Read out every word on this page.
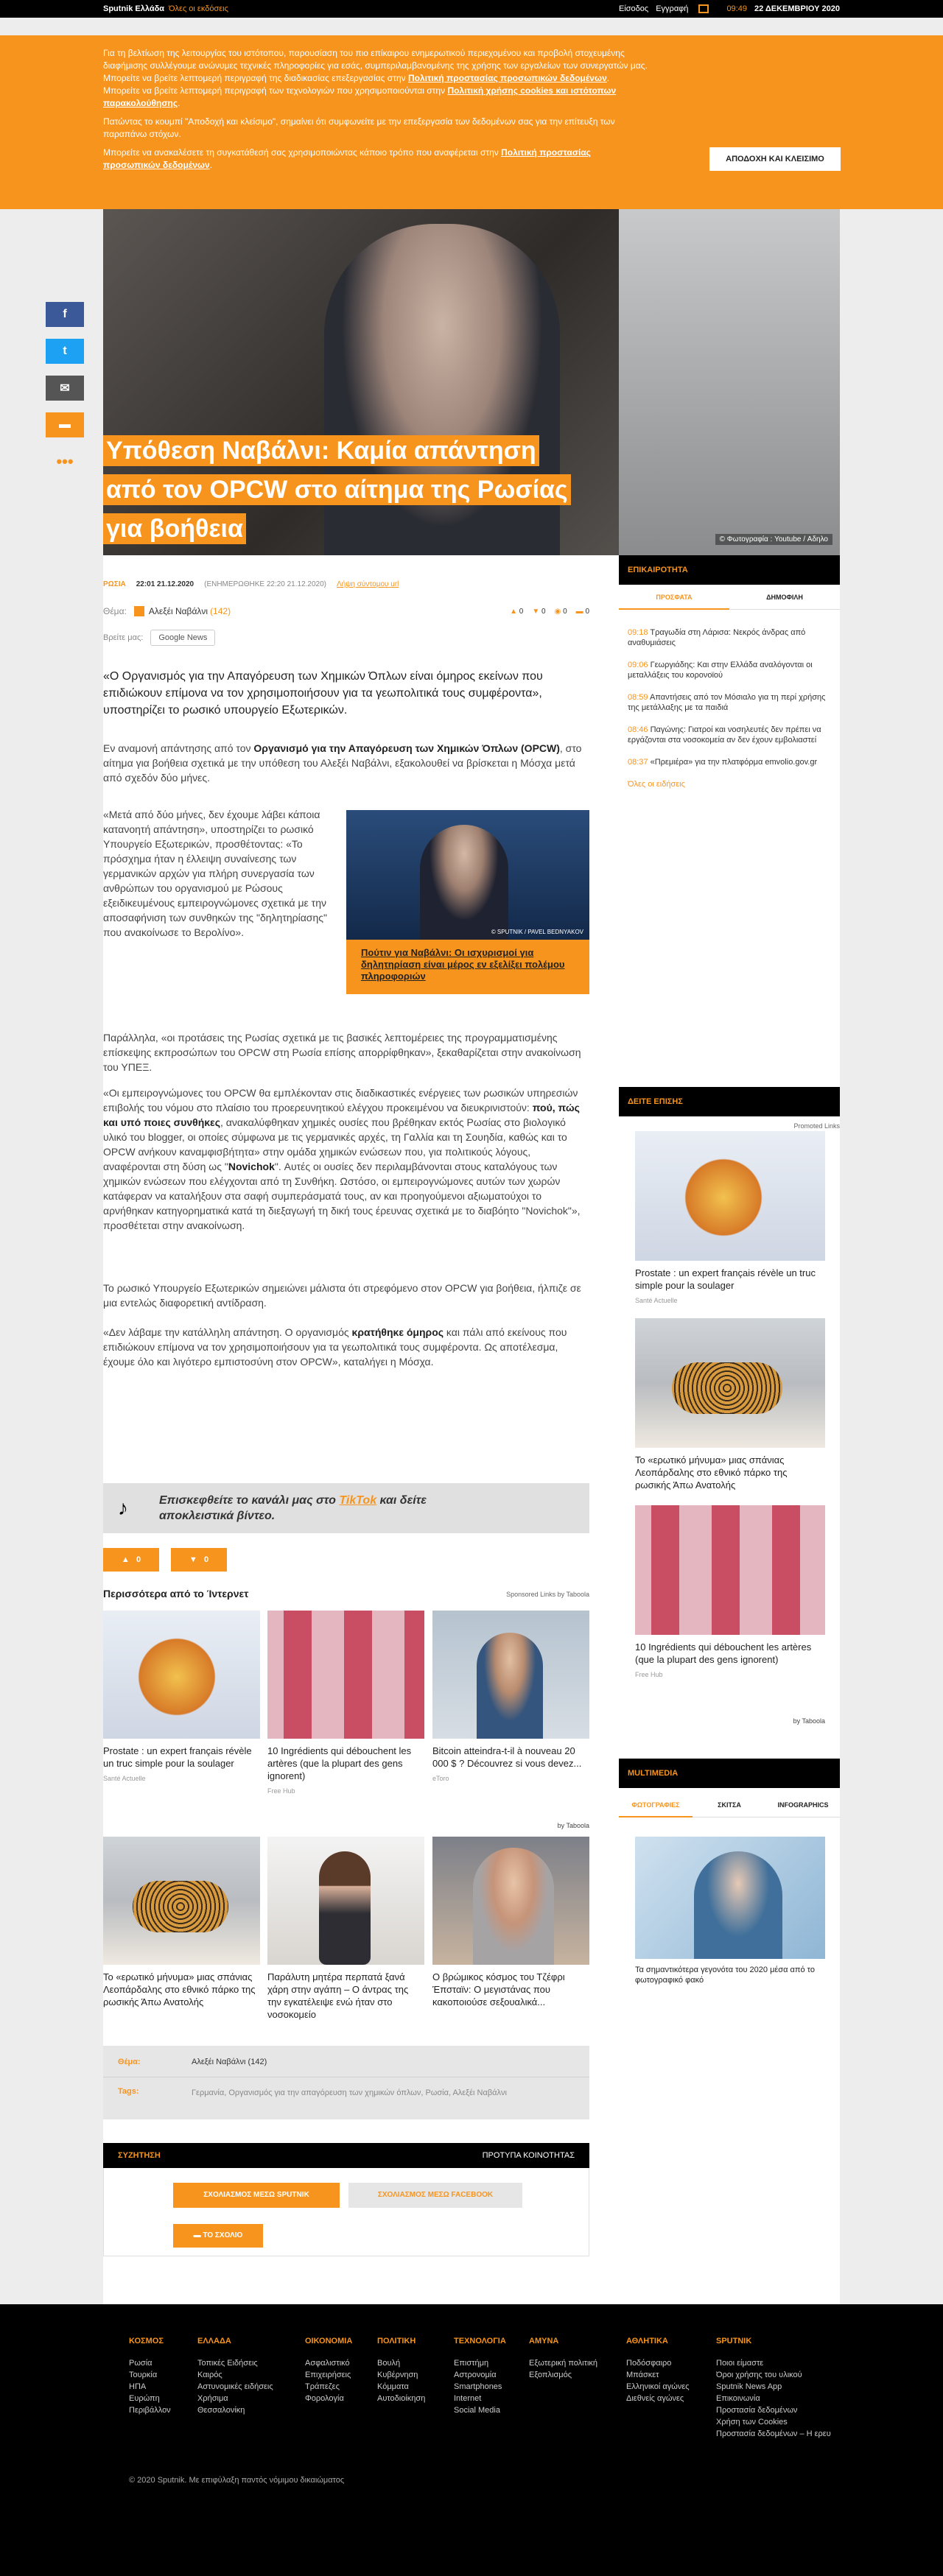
Sputnik Ελλάδα Όλες οι εκδόσεις	Είσοδος Εγγραφή	09:49 22 ΔΕΚΕΜΒΡΙΟΥ 2020

Για τη βελτίωση της λειτουργίας του ιστότοπου, παρουσίαση του πιο επίκαιρου ενημερωτικού περιεχομένου και προβολή στοχευμένης διαφήμισης συλλέγουμε ανώνυμες τεχνικές πληροφορίες για εσάς, συμπεριλαμβανομένης της χρήσης των εργαλείων των συνεργατών μας. Μπορείτε να βρείτε λεπτομερή περιγραφή της διαδικασίας επεξεργασίας στην Πολιτική προστασίας προσωπικών δεδομένων. Μπορείτε να βρείτε λεπτομερή περιγραφή των τεχνολογιών που χρησιμοποιούνται στην Πολιτική χρήσης cookies και ιστότοπων παρακολούθησης.

Πατώντας το κουμπί "Αποδοχή και κλείσιμο", σημαίνει ότι συμφωνείτε με την επεξεργασία των δεδομένων σας για την επίτευξη των παραπάνω στόχων.

Μπορείτε να ανακαλέσετε τη συγκατάθεσή σας χρησιμοποιώντας κάποιο τρόπο που αναφέρεται στην Πολιτική προστασίας προσωπικών δεδομένων.

ΑΠΟΔΟΧΗ ΚΑΙ ΚΛΕΙΣΙΜΟ
f
t
✉
▬
•••
© Φωτογραφία : Youtube / Αδηλο
Υπόθεση Ναβάλνι: Καμία απάντηση από τον OPCW στο αίτημα της Ρωσίας για βοήθεια
ΡΩΣΙΑ 22:01 21.12.2020 (ΕΝΗΜΕΡΩΘΗΚΕ 22:20 21.12.2020) Λήψη σύντομου url
Θέμα:	Αλεξέι Ναβάλνι (142)	▲ 0 ▼ 0 ◉ 0 ▬ 0
Βρείτε μας:	Google News

«Ο Οργανισμός για την Απαγόρευση των Χημικών Όπλων είναι όμηρος εκείνων που επιδιώκουν επίμονα να τον χρησιμοποιήσουν για τα γεωπολιτικά τους συμφέροντα», υποστηρίζει το ρωσικό υπουργείο Εξωτερικών.

Εν αναμονή απάντησης από τον Οργανισμό για την Απαγόρευση των Χημικών Όπλων (OPCW), στο αίτημα για βοήθεια σχετικά με την υπόθεση του Αλεξέι Ναβάλνι, εξακολουθεί να βρίσκεται η Μόσχα μετά από σχεδόν δύο μήνες.

«Μετά από δύο μήνες, δεν έχουμε λάβει κάποια κατανοητή απάντηση», υποστηρίζει το ρωσικό Υπουργείο Εξωτερικών, προσθέτοντας: «Το πρόσχημα ήταν η έλλειψη συναίνεσης των γερμανικών αρχών για πλήρη συνεργασία των ανθρώπων του οργανισμού με Ρώσους εξειδικευμένους εμπειρογνώμονες σχετικά με την αποσαφήνιση των συνθηκών της "δηλητηρίασης" που ανακοίνωσε το Βερολίνο».	© SPUTNIK / PAVEL BEDNYAKOV
Πούτιν για Ναβάλνι: Οι ισχυρισμοί για δηλητηρίαση είναι μέρος εν εξελίξει πολέμου πληροφοριών

Παράλληλα, «οι προτάσεις της Ρωσίας σχετικά με τις βασικές λεπτομέρειες της προγραμματισμένης επίσκεψης εκπροσώπων του OPCW στη Ρωσία επίσης απορρίφθηκαν», ξεκαθαρίζεται στην ανακοίνωση του ΥΠΕΞ.

«Οι εμπειρογνώμονες του OPCW θα εμπλέκονταν στις διαδικαστικές ενέργειες των ρωσικών υπηρεσιών επιβολής του νόμου στο πλαίσιο του προερευνητικού ελέγχου προκειμένου να διευκρινιστούν: πού, πώς και υπό ποιες συνθήκες, ανακαλύφθηκαν χημικές ουσίες που βρέθηκαν εκτός Ρωσίας στο βιολογικό υλικό του blogger, οι οποίες σύμφωνα με τις γερμανικές αρχές, τη Γαλλία και τη Σουηδία, καθώς και το OPCW ανήκουν καναμφισβήτητα» στην ομάδα χημικών ενώσεων που, για πολιτικούς λόγους, αναφέρονται στη δύση ως "Novichok". Αυτές οι ουσίες δεν περιλαμβάνονται στους καταλόγους των χημικών ενώσεων που ελέγχονται από τη Συνθήκη. Ωστόσο, οι εμπειρογνώμονες αυτών των χωρών κατάφεραν να καταλήξουν στα σαφή συμπεράσματά τους, αν και προηγούμενοι αξιωματούχοι το αρνήθηκαν κατηγορηματικά κατά τη διεξαγωγή τη δική τους έρευνας σχετικά με το διαβόητο "Novichok"», προσθέτεται στην ανακοίνωση.

Το ρωσικό Υπουργείο Εξωτερικών σημειώνει μάλιστα ότι στρεφόμενο στον OPCW για βοήθεια, ήλπιζε σε μια εντελώς διαφορετική αντίδραση.

«Δεν λάβαμε την κατάλληλη απάντηση. Ο οργανισμός κρατήθηκε όμηρος και πάλι από εκείνους που επιδιώκουν επίμονα να τον χρησιμοποιήσουν για τα γεωπολιτικά τους συμφέροντα. Ως αποτέλεσμα, έχουμε όλο και λιγότερο εμπιστοσύνη στον OPCW», καταλήγει η Μόσχα.

♪	Επισκεφθείτε το κανάλι μας στο TikTok και δείτε αποκλειστικά βίντεο.
▲ 0	▼ 0
Περισσότερα από το Ίντερνετ	Sponsored Links by Taboola
Prostate : un expert français révèle un truc simple pour la soulager
Santé Actuelle
10 Ingrédients qui débouchent les artères (que la plupart des gens ignorent)
Free Hub
Bitcoin atteindra-t-il à nouveau 20 000 $ ? Découvrez si vous devez...
eToro
by Taboola
Το «ερωτικό μήνυμα» μιας σπάνιας Λεοπάρδαλης στο εθνικό πάρκο της ρωσικής Άπω Ανατολής
Παράλυτη μητέρα περπατά ξανά χάρη στην αγάπη – Ο άντρας της την εγκατέλειψε ενώ ήταν στο νοσοκομείο
Ο βρώμικος κόσμος του Τζέφρι Έπσταϊν: Ο μεγιστάνας που κακοποιούσε σεξουαλικά...
Θέμα:	Αλεξέι Ναβάλνι (142)
Tags:	Γερμανία, Οργανισμός για την απαγόρευση των χημικών όπλων, Ρωσία, Αλεξέι Ναβάλνι
ΣΥΖΗΤΗΣΗ	ΠΡΟΤΥΠΑ ΚΟΙΝΟΤΗΤΑΣ
ΣΧΟΛΙΑΣΜΟΣ ΜΕΣΩ SPUTNIK	ΣΧΟΛΙΑΣΜΟΣ ΜΕΣΩ FACEBOOK
▬ ΤΟ ΣΧΟΛΙΟ
ΕΠΙΚΑΙΡΟΤΗΤΑ
ΠΡΟΣΦΑΤΑ	ΔΗΜΟΦΙΛΗ
09:18 Τραγωδία στη Λάρισα: Νεκρός άνδρας από αναθυμιάσεις
09:06 Γεωργιάδης: Και στην Ελλάδα αναλόγονται οι μεταλλάξεις του κορονοϊού
08:59 Απαντήσεις από τον Μόσιαλο για τη περί χρήσης της μετάλλαξης με τα παιδιά
08:46 Παγώνης: Γιατροί και νοσηλευτές δεν πρέπει να εργάζονται στα νοσοκομεία αν δεν έχουν εμβολιαστεί
08:37 «Πρεμιέρα» για την πλατφόρμα emvolio.gov.gr
Όλες οι ειδήσεις
ΔΕΙΤΕ ΕΠΙΣΗΣ
Promoted Links
Prostate : un expert français révèle un truc simple pour la soulager
Santé Actuelle
Το «ερωτικό μήνυμα» μιας σπάνιας Λεοπάρδαλης στο εθνικό πάρκο της ρωσικής Άπω Ανατολής
10 Ingrédients qui débouchent les artères (que la plupart des gens ignorent)
Free Hub
by Taboola
MULTIMEDIA
ΦΩΤΟΓΡΑΦΙΕΣ	ΣΚΙΤΣΑ	INFOGRAPHICS
Τα σημαντικότερα γεγονότα του 2020 μέσα από το φωτογραφικό φακό
ΚΟΣΜΟΣ
Ρωσία
Τουρκία
ΗΠΑ
Ευρώπη
Περιβάλλον
ΕΛΛΑΔΑ
Τοπικές Ειδήσεις
Καιρός
Αστυνομικές ειδήσεις
Χρήσιμα
Θεσσαλονίκη
ΟΙΚΟΝΟΜΙΑ
Ασφαλιστικό
Επιχειρήσεις
Τράπεζες
Φορολογία
ΠΟΛΙΤΙΚΗ
Βουλή
Κυβέρνηση
Κόμματα
Αυτοδιοίκηση
ΤΕΧΝΟΛΟΓΙΑ
Επιστήμη
Αστρονομία
Smartphones
Internet
Social Media
ΑΜΥΝΑ
Εξωτερική πολιτική
Εξοπλισμός
ΑΘΛΗΤΙΚΑ
Ποδόσφαιρο
Μπάσκετ
Ελληνικοί αγώνες
Διεθνείς αγώνες
SPUTNIK
Ποιοι είμαστε
Όροι χρήσης του υλικού
Sputnik News App
Επικοινωνία
Προστασία δεδομένων
Χρήση των Cookies
Προστασία δεδομένων – Η ερευ
© 2020 Sputnik. Με επιφύλαξη παντός νόμιμου δικαιώματος
